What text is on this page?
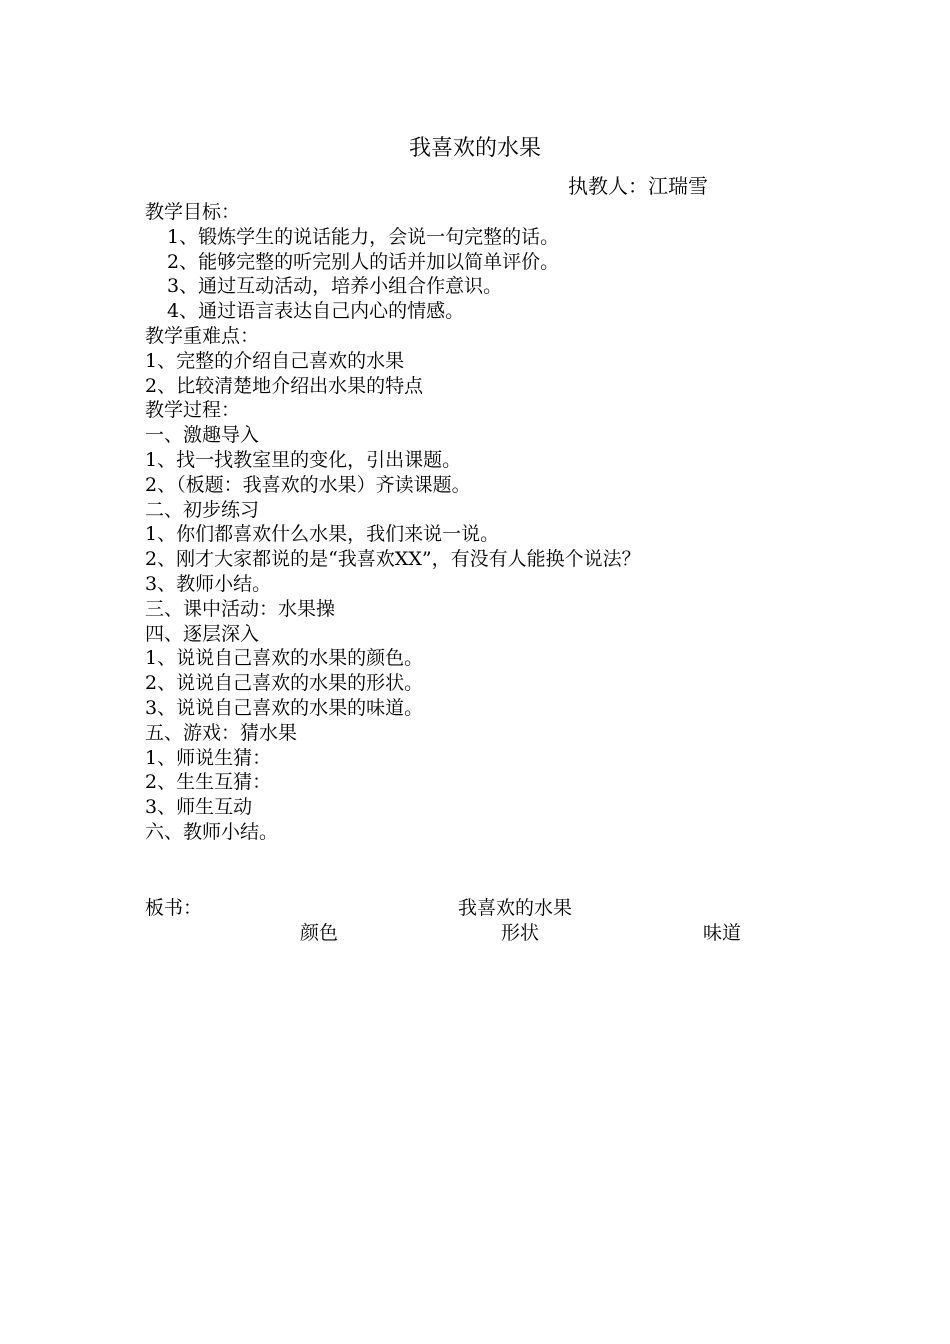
我喜欢的水果
执教人：江瑞雪
教学目标：
1、锻炼学生的说话能力，会说一句完整的话。
2、能够完整的听完别人的话并加以简单评价。
3、通过互动活动，培养小组合作意识。
4、通过语言表达自己内心的情感。
教学重难点：
1、完整的介绍自己喜欢的水果
2、比较清楚地介绍出水果的特点
教学过程：
一、激趣导入
1、找一找教室里的变化，引出课题。
2、（板题：我喜欢的水果）齐读课题。
二、初步练习
1、你们都喜欢什么水果，我们来说一说。
2、刚才大家都说的是“我喜欢XX”，有没有人能换个说法？
3、教师小结。
三、课中活动：水果操
四、逐层深入
1、说说自己喜欢的水果的颜色。
2、说说自己喜欢的水果的形状。
3、说说自己喜欢的水果的味道。
五、游戏：猜水果
1、师说生猜：
2、生生互猜：
3、师生互动
六、教师小结。
板书：	我喜欢的水果
颜色	形状	味道
